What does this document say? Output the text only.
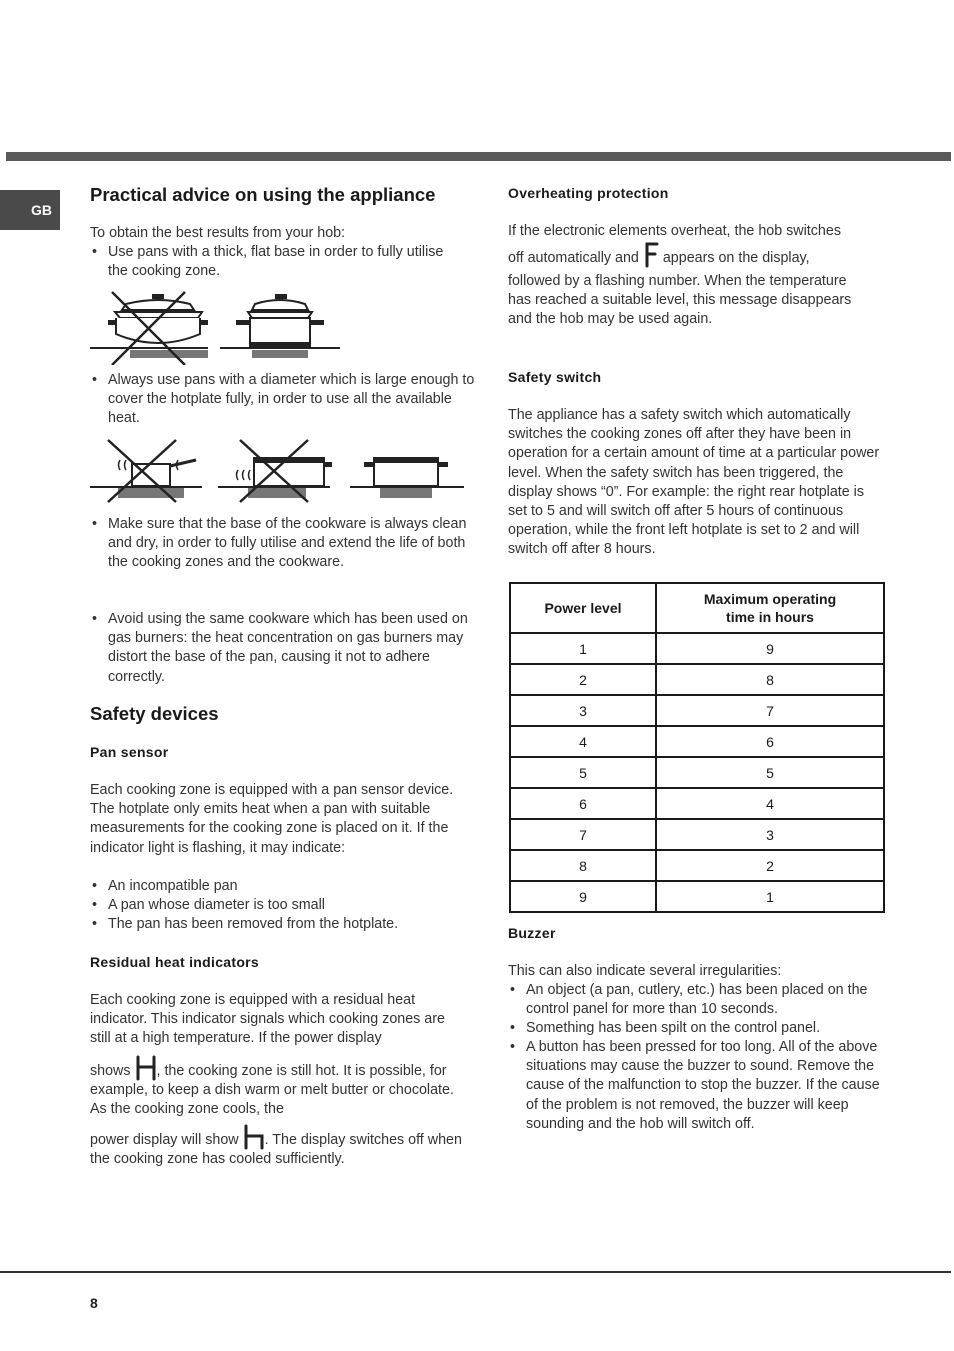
GB
Practical advice on using the appliance
To obtain the best results from your hob:
• Use pans with a thick, flat base in order to fully utilise the cooking zone.
• Always use pans with a diameter which is large enough to cover the hotplate fully, in order to use all the available heat.
• Make sure that the base of the cookware is always clean and dry, in order to fully utilise and extend the life of both the cooking zones and the cookware.
• Avoid using the same cookware which has been used on gas burners: the heat concentration on gas burners may distort the base of the pan, causing it not to adhere correctly.
Safety devices
Pan sensor
Each cooking zone is equipped with a pan sensor device. The hotplate only emits heat when a pan with suitable measurements for the cooking zone is placed on it. If the indicator light is flashing, it may indicate:
• An incompatible pan
• A pan whose diameter is too small
• The pan has been removed from the hotplate.
Residual heat indicators
Each cooking zone is equipped with a residual heat indicator. This indicator signals which cooking zones are still at a high temperature. If the power display
shows , the cooking zone is still hot. It is possible, for example, to keep a dish warm or melt butter or chocolate. As the cooking zone cools, the
power display will show . The display switches off when the cooking zone has cooled sufficiently.
Overheating protection
If the electronic elements overheat, the hob switches
off automatically and appears on the display,
followed by a flashing number. When the temperature has reached a suitable level, this message disappears and the hob may be used again.
Safety switch
The appliance has a safety switch which automatically switches the cooking zones off after they have been in operation for a certain amount of time at a particular power level. When the safety switch has been triggered, the display shows “0”. For example: the right rear hotplate is set to 5 and will switch off after 5 hours of continuous operation, while the front left hotplate is set to 2 and will switch off after 8 hours.
Power level	Maximum operating
time in hours
1	9
2	8
3	7
4	6
5	5
6	4
7	3
8	2
9	1
Buzzer
This can also indicate several irregularities:
• An object (a pan, cutlery, etc.) has been placed on the control panel for more than 10 seconds.
• Something has been spilt on the control panel.
• A button has been pressed for too long. All of the above situations may cause the buzzer to sound. Remove the cause of the malfunction to stop the buzzer. If the cause of the problem is not removed, the buzzer will keep sounding and the hob will switch off.
8
